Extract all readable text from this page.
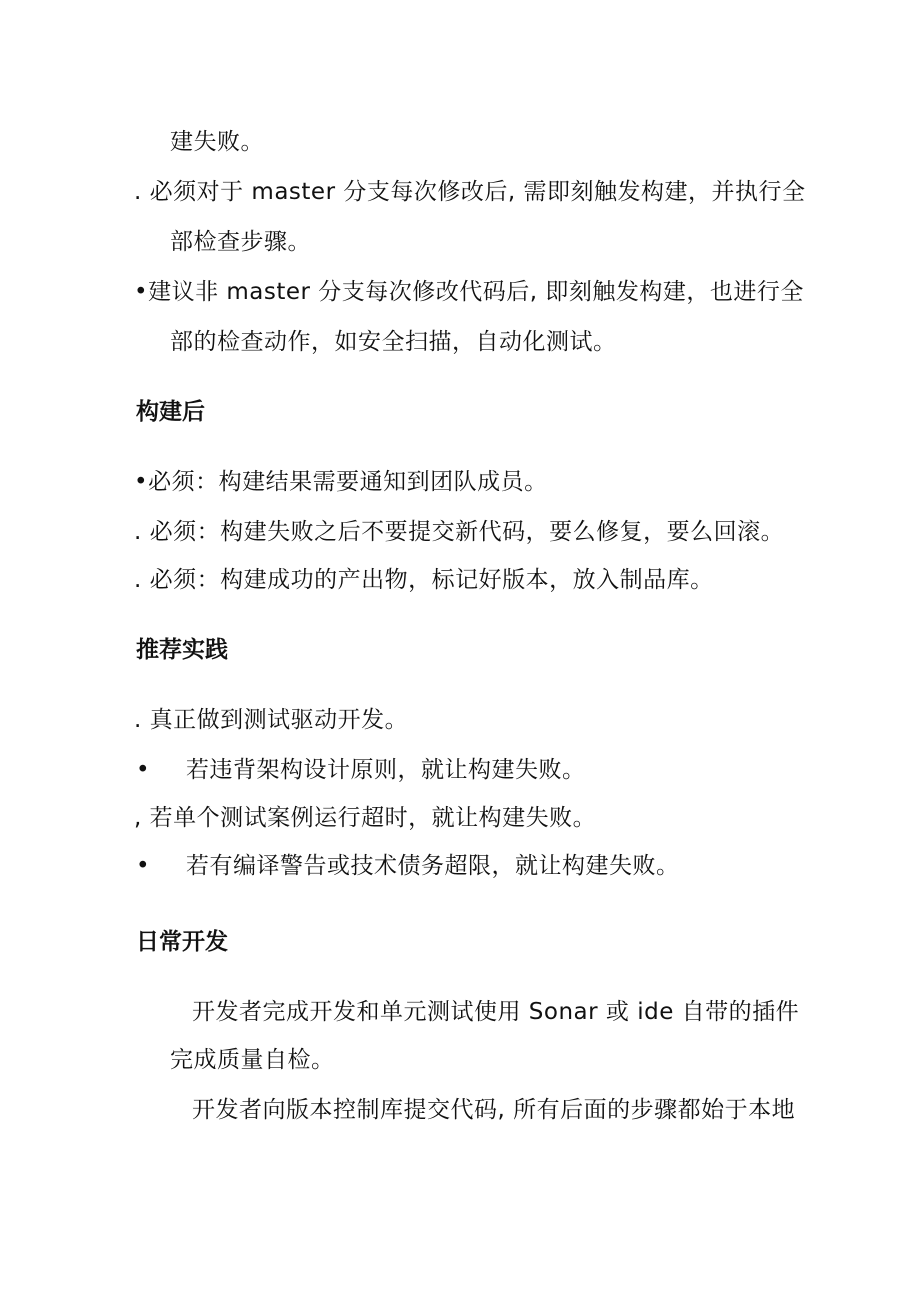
建失败。
. 必须对于 master 分支每次修改后, 需即刻触发构建，并执行全
部检查步骤。
•建议非 master 分支每次修改代码后, 即刻触发构建，也进行全
部的检查动作，如安全扫描，自动化测试。
构建后
•必须：构建结果需要通知到团队成员。
. 必须：构建失败之后不要提交新代码，要么修复，要么回滚。
. 必须：构建成功的产出物，标记好版本，放入制品库。
推荐实践
. 真正做到测试驱动开发。
• 若违背架构设计原则，就让构建失败。
, 若单个测试案例运行超时，就让构建失败。
• 若有编译警告或技术债务超限，就让构建失败。
日常开发
开发者完成开发和单元测试使用 Sonar 或 ide 自带的插件
完成质量自检。
开发者向版本控制库提交代码, 所有后面的步骤都始于本地
